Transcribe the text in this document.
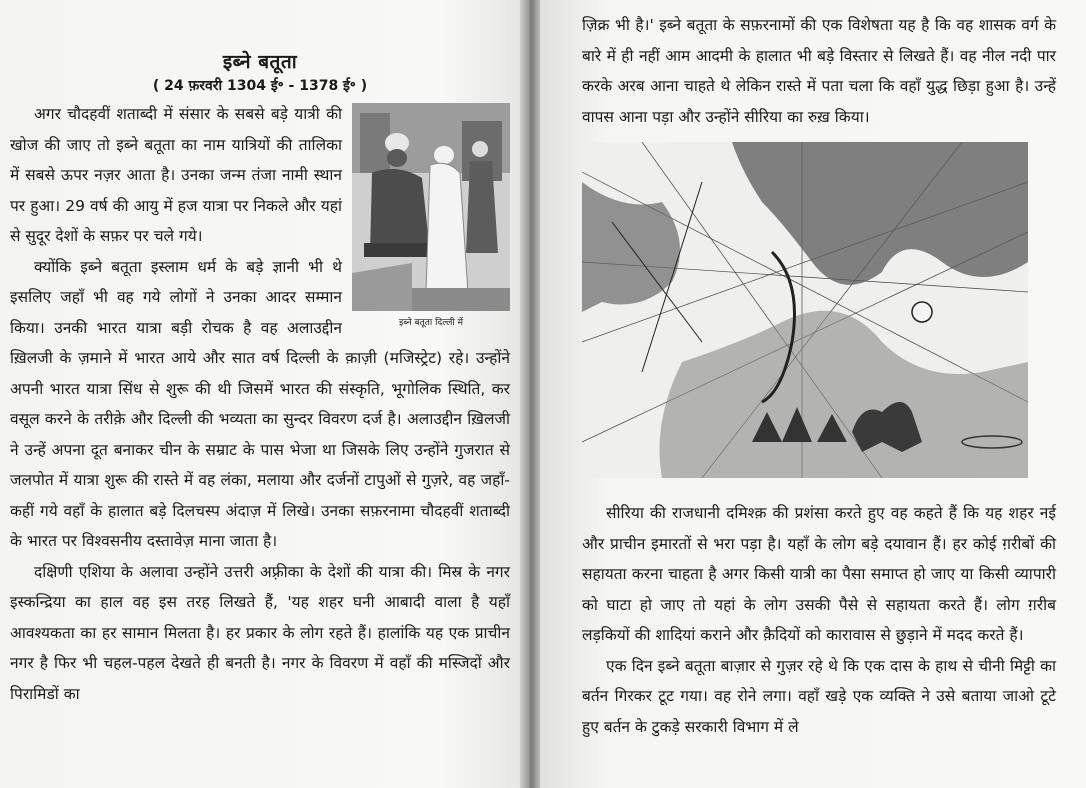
इब्ने बतूता
( 24 फ़रवरी 1304 ई॰ - 1378 ई॰ )
इब्ने बतूता दिल्ली में

अगर चौदहवीं शताब्दी में संसार के सबसे बड़े यात्री की खोज की जाए तो इब्ने बतूता का नाम यात्रियों की तालिका में सबसे ऊपर नज़र आता है। उनका जन्म तंजा नामी स्थान पर हुआ। 29 वर्ष की आयु में हज यात्रा पर निकले और यहां से सुदूर देशों के सफ़र पर चले गये।

क्योंकि इब्ने बतूता इस्लाम धर्म के बड़े ज्ञानी भी थे इसलिए जहाँ भी वह गये लोगों ने उनका आदर सम्मान किया। उनकी भारत यात्रा बड़ी रोचक है वह अलाउद्दीन ख़िलजी के ज़माने में भारत आये और सात वर्ष दिल्ली के क़ाज़ी (मजिस्ट्रेट) रहे। उन्होंने अपनी भारत यात्रा सिंध से शुरू की थी जिसमें भारत की संस्कृति, भूगोलिक स्थिति, कर वसूल करने के तरीक़े और दिल्ली की भव्यता का सुन्दर विवरण दर्ज है। अलाउद्दीन ख़िलजी ने उन्हें अपना दूत बनाकर चीन के सम्राट के पास भेजा था जिसके लिए उन्होंने गुजरात से जलपोत में यात्रा शुरू की रास्ते में वह लंका, मलाया और दर्जनों टापुओं से गुज़रे, वह जहाँ-कहीं गये वहाँ के हालात बड़े दिलचस्प अंदाज़ में लिखे। उनका सफ़रनामा चौदहवीं शताब्दी के भारत पर विश्वसनीय दस्तावेज़ माना जाता है।

दक्षिणी एशिया के अलावा उन्होंने उत्तरी अफ़्रीका के देशों की यात्रा की। मिस्र के नगर इस्कन्द्रिया का हाल वह इस तरह लिखते हैं, 'यह शहर घनी आबादी वाला है यहाँ आवश्यकता का हर सामान मिलता है। हर प्रकार के लोग रहते हैं। हालांकि यह एक प्राचीन नगर है फिर भी चहल-पहल देखते ही बनती है। नगर के विवरण में वहाँ की मस्जिदों और पिरामिडों का

ज़िक्र भी है।' इब्ने बतूता के सफ़रनामों की एक विशेषता यह है कि वह शासक वर्ग के बारे में ही नहीं आम आदमी के हालात भी बड़े विस्तार से लिखते हैं। वह नील नदी पार करके अरब आना चाहते थे लेकिन रास्ते में पता चला कि वहाँ युद्ध छिड़ा हुआ है। उन्हें वापस आना पड़ा और उन्होंने सीरिया का रुख़ किया।

सीरिया की राजधानी दमिश्क़ की प्रशंसा करते हुए वह कहते हैं कि यह शहर नई और प्राचीन इमारतों से भरा पड़ा है। यहाँ के लोग बड़े दयावान हैं। हर कोई ग़रीबों की सहायता करना चाहता है अगर किसी यात्री का पैसा समाप्त हो जाए या किसी व्यापारी को घाटा हो जाए तो यहां के लोग उसकी पैसे से सहायता करते हैं। लोग ग़रीब लड़कियों की शादियां कराने और क़ैदियों को कारावास से छुड़ाने में मदद करते हैं।

एक दिन इब्ने बतूता बाज़ार से गुज़र रहे थे कि एक दास के हाथ से चीनी मिट्टी का बर्तन गिरकर टूट गया। वह रोने लगा। वहाँ खड़े एक व्यक्ति ने उसे बताया जाओ टूटे हुए बर्तन के टुकड़े सरकारी विभाग में ले
